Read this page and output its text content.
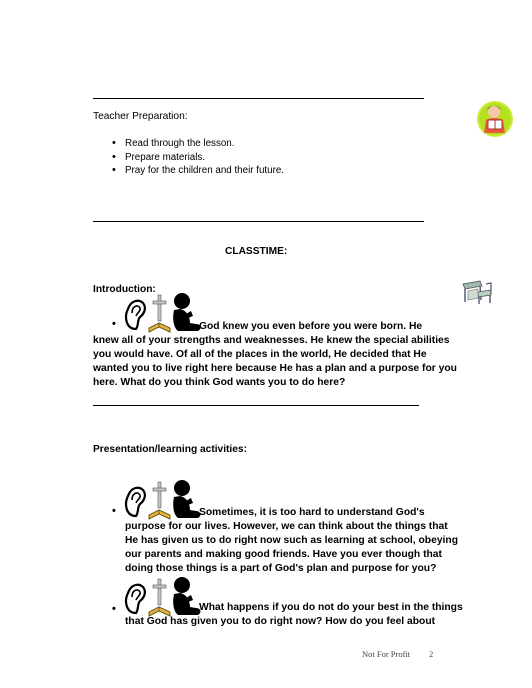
Teacher Preparation:
• Read through the lesson.
• Prepare materials.
• Pray for the children and their future.
CLASSTIME:
Introduction:
•	God knew you even before you were born. He
knew all of your strengths and weaknesses. He knew the special abilities
you would have. Of all of the places in the world, He decided that He
wanted you to live right here because He has a plan and a purpose for you
here. What do you think God wants you to do here?
Presentation/learning activities:
•	Sometimes, it is too hard to understand God's
purpose for our lives. However, we can think about the things that
He has given us to do right now such as learning at school, obeying
our parents and making good friends. Have you ever though that
doing those things is a part of God's plan and purpose for you?
•	What happens if you do not do your best in the things
that God has given you to do right now? How do you feel about
Not For Profit 2
